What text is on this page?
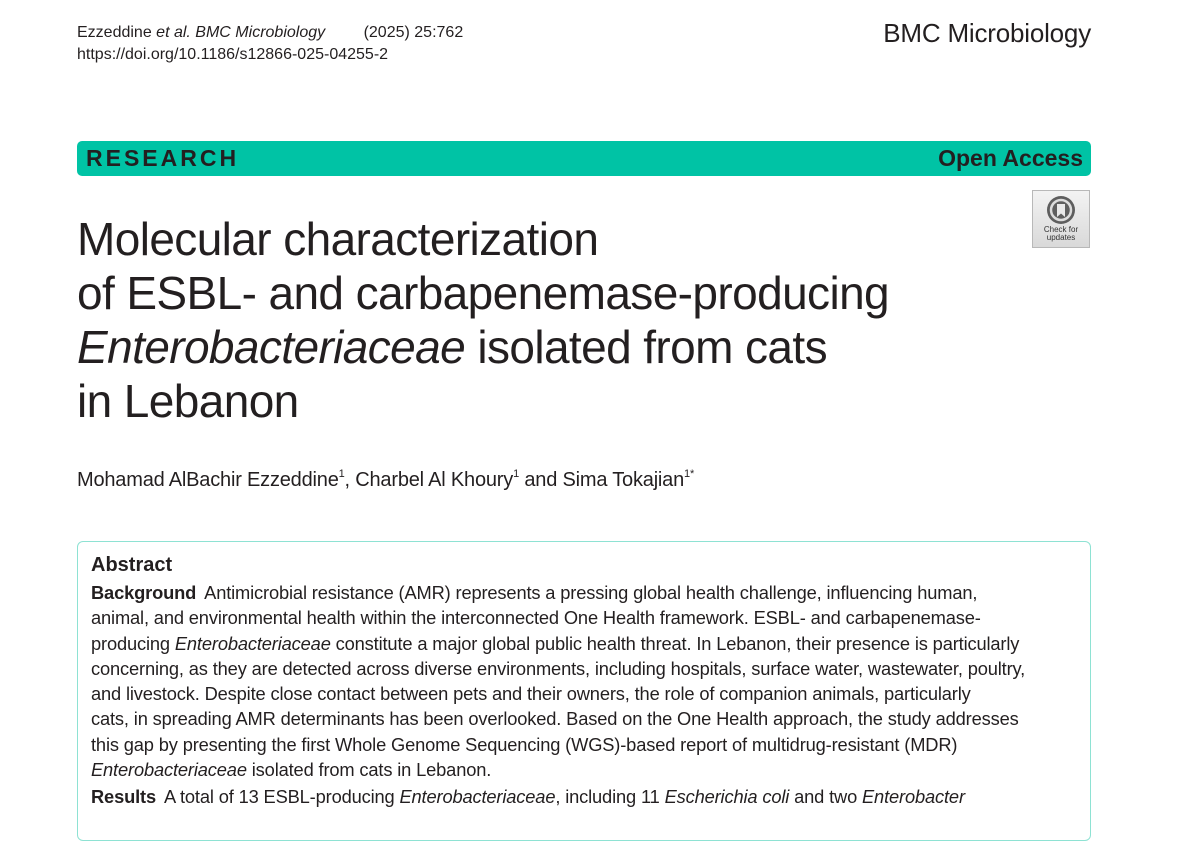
Ezzeddine et al. BMC Microbiology (2025) 25:762
https://doi.org/10.1186/s12866-025-04255-2
BMC Microbiology
RESEARCH	Open Access
Check for
updates
Molecular characterization
of ESBL- and carbapenemase-producing
Enterobacteriaceae isolated from cats
in Lebanon
Mohamad AlBachir Ezzeddine$^1$, Charbel Al Khoury$^1$ and Sima Tokajian$^{1*}$
Abstract
Background Antimicrobial resistance (AMR) represents a pressing global health challenge, influencing human,
animal, and environmental health within the interconnected One Health framework. ESBL- and carbapenemase-
producing Enterobacteriaceae constitute a major global public health threat. In Lebanon, their presence is particularly
concerning, as they are detected across diverse environments, including hospitals, surface water, wastewater, poultry,
and livestock. Despite close contact between pets and their owners, the role of companion animals, particularly
cats, in spreading AMR determinants has been overlooked. Based on the One Health approach, the study addresses
this gap by presenting the first Whole Genome Sequencing (WGS)-based report of multidrug-resistant (MDR)
Enterobacteriaceae isolated from cats in Lebanon.
Results A total of 13 ESBL-producing Enterobacteriaceae, including 11 Escherichia coli and two Enterobacter
